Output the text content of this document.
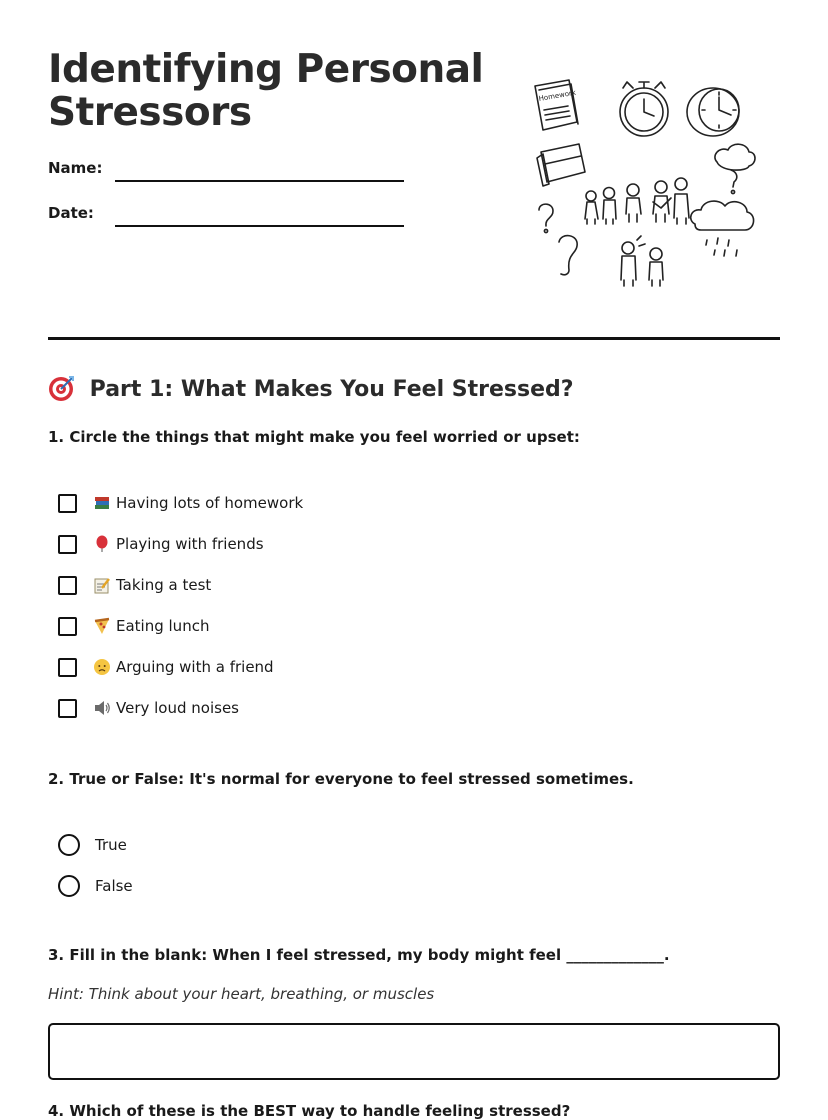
Identifying Personal Stressors
Name:
Date:
Homework
Part 1: What Makes You Feel Stressed?
1. Circle the things that might make you feel worried or upset:
Having lots of homework
Playing with friends
Taking a test
Eating lunch
Arguing with a friend
Very loud noises
2. True or False: It's normal for everyone to feel stressed sometimes.
True
False
3. Fill in the blank: When I feel stressed, my body might feel _____________.
Hint: Think about your heart, breathing, or muscles
4. Which of these is the BEST way to handle feeling stressed?
